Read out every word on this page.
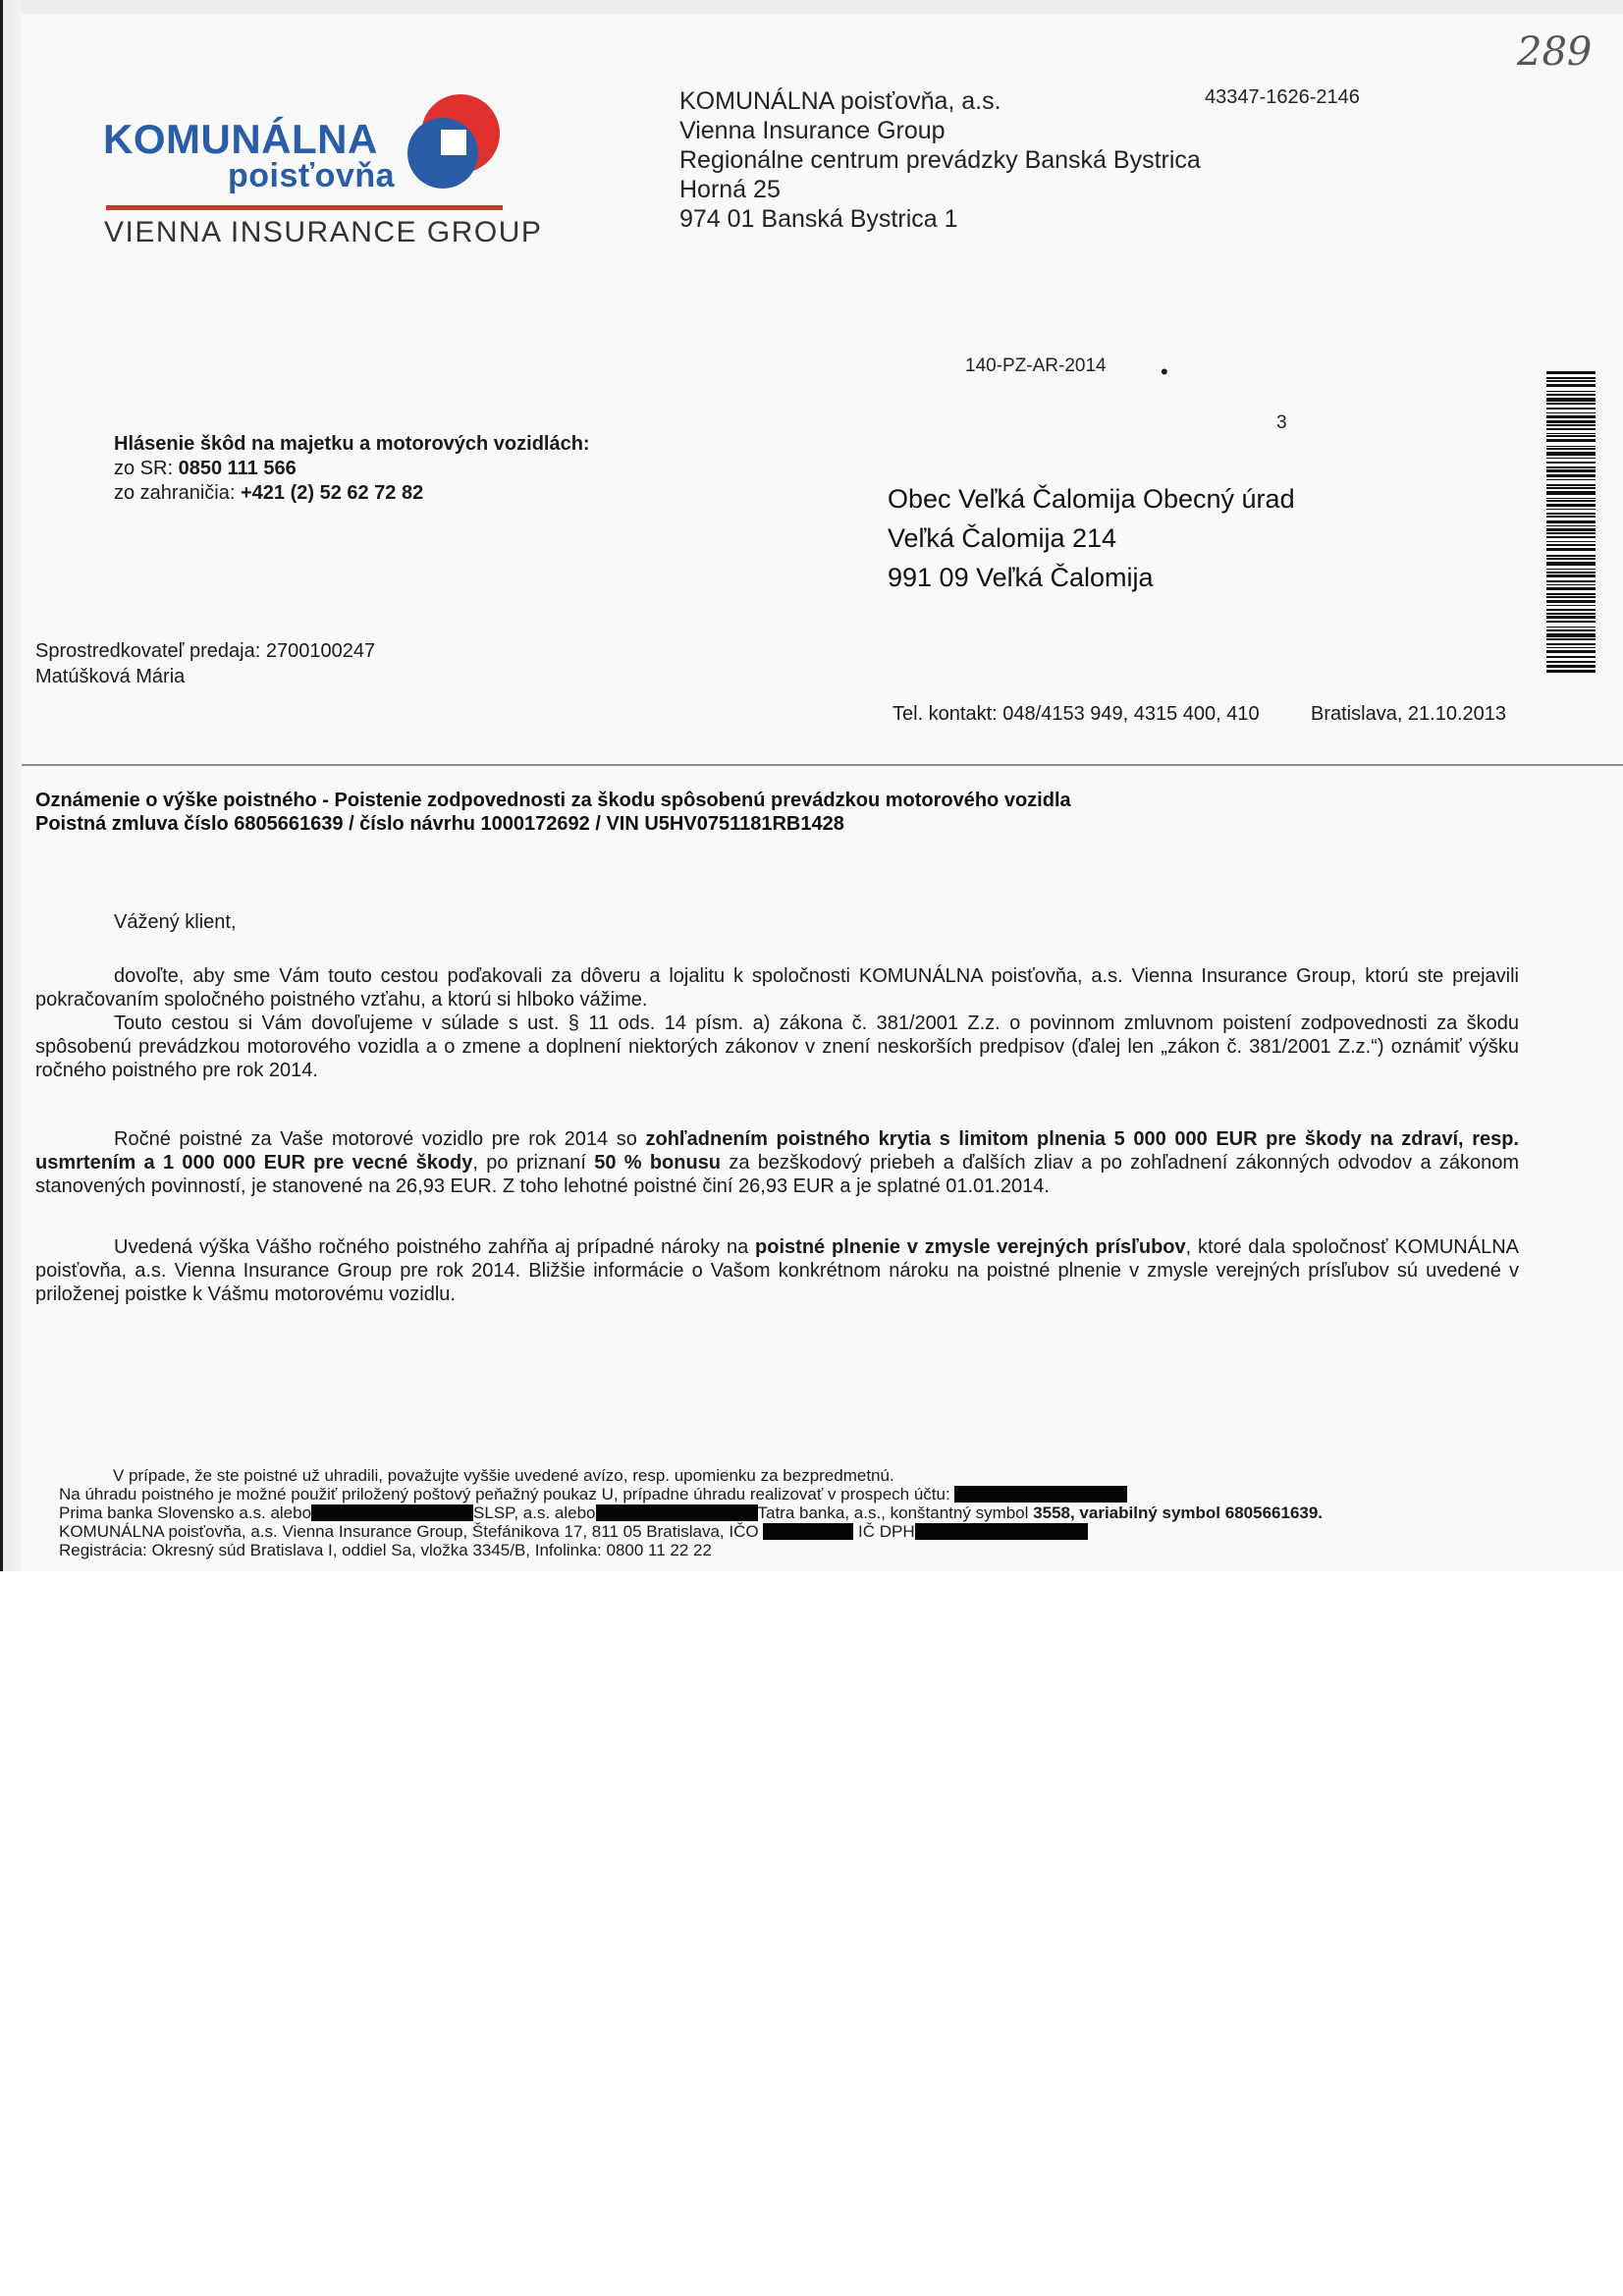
KOMUNÁLNA
poisťovňa
VIENNA INSURANCE GROUP
KOMUNÁLNA poisťovňa, a.s.
Vienna Insurance Group
Regionálne centrum prevádzky Banská Bystrica
Horná 25
974 01 Banská Bystrica 1
43347-1626-2146
289
140-PZ-AR-2014	•
3
Hlásenie škôd na majetku a motorových vozidlách:
zo SR: 0850 111 566
zo zahraničia: +421 (2) 52 62 72 82	Obec Veľká Čalomija Obecný úrad
Veľká Čalomija 214
991 09 Veľká Čalomija
Sprostredkovateľ predaja: 2700100247
Matúšková Mária
Tel. kontakt: 048/4153 949, 4315 400, 410	Bratislava, 21.10.2013
Oznámenie o výške poistného - Poistenie zodpovednosti za škodu spôsobenú prevádzkou motorového vozidla
Poistná zmluva číslo 6805661639 / číslo návrhu 1000172692 / VIN U5HV0751181RB1428
Vážený klient,

dovoľte, aby sme Vám touto cestou poďakovali za dôveru a lojalitu k spoločnosti KOMUNÁLNA poisťovňa, a.s. Vienna Insurance Group, ktorú ste prejavili pokračovaním spoločného poistného vzťahu, a ktorú si hlboko vážime.

Touto cestou si Vám dovoľujeme v súlade s ust. § 11 ods. 14 písm. a) zákona č. 381/2001 Z.z. o povinnom zmluvnom poistení zodpovednosti za škodu spôsobenú prevádzkou motorového vozidla a o zmene a doplnení niektorých zákonov v znení neskorších predpisov (ďalej len „zákon č. 381/2001 Z.z.“) oznámiť výšku ročného poistného pre rok 2014.

Ročné poistné za Vaše motorové vozidlo pre rok 2014 so zohľadnením poistného krytia s limitom plnenia 5 000 000 EUR pre škody na zdraví, resp. usmrtením a 1 000 000 EUR pre vecné škody, po priznaní 50 % bonusu za bezškodový priebeh a ďalších zliav a po zohľadnení zákonných odvodov a zákonom stanovených povinností, je stanovené na 26,93 EUR. Z toho lehotné poistné činí 26,93 EUR a je splatné 01.01.2014.

Uvedená výška Vášho ročného poistného zahŕňa aj prípadné nároky na poistné plnenie v zmysle verejných prísľubov, ktoré dala spoločnosť KOMUNÁLNA poisťovňa, a.s. Vienna Insurance Group pre rok 2014. Bližšie informácie o Vašom konkrétnom nároku na poistné plnenie v zmysle verejných prísľubov sú uvedené v priloženej poistke k Vášmu motorovému vozidlu.

V prípade, že ste poistné už uhradili, považujte vyššie uvedené avízo, resp. upomienku za bezpredmetnú.
Na úhradu poistného je možné použiť priložený poštový peňažný poukaz U, prípadne úhradu realizovať v prospech účtu:
Prima banka Slovensko a.s. alebo	SLSP, a.s. alebo	Tatra banka, a.s., konštantný symbol 3558, variabilný symbol 6805661639.
KOMUNÁLNA poisťovňa, a.s. Vienna Insurance Group, Štefánikova 17, 811 05 Bratislava, IČO	IČ DPH
Registrácia: Okresný súd Bratislava I, oddiel Sa, vložka 3345/B, Infolinka: 0800 11 22 22
